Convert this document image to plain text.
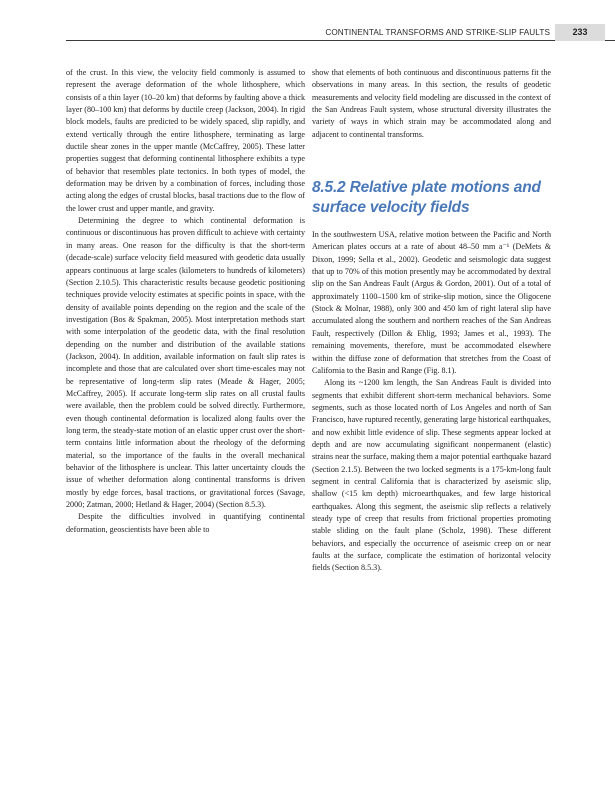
CONTINENTAL TRANSFORMS AND STRIKE-SLIP FAULTS	233

of the crust. In this view, the velocity field commonly is assumed to represent the average deformation of the whole lithosphere, which consists of a thin layer (10–20 km) that deforms by faulting above a thick layer (80–100 km) that deforms by ductile creep (Jackson, 2004). In rigid block models, faults are predicted to be widely spaced, slip rapidly, and extend vertically through the entire lithosphere, terminating as large ductile shear zones in the upper mantle (McCaffrey, 2005). These latter properties suggest that deforming continental lithosphere exhibits a type of behavior that resembles plate tectonics. In both types of model, the deformation may be driven by a combination of forces, including those acting along the edges of crustal blocks, basal tractions due to the flow of the lower crust and upper mantle, and gravity.

Determining the degree to which continental deformation is continuous or discontinuous has proven difficult to achieve with certainty in many areas. One reason for the difficulty is that the short-term (decade-scale) surface velocity field measured with geodetic data usually appears continuous at large scales (kilometers to hundreds of kilometers) (Section 2.10.5). This characteristic results because geodetic positioning techniques provide velocity estimates at specific points in space, with the density of available points depending on the region and the scale of the investigation (Bos & Spakman, 2005). Most interpretation methods start with some interpolation of the geodetic data, with the final resolution depending on the number and distribution of the available stations (Jackson, 2004). In addition, available information on fault slip rates is incomplete and those that are calculated over short time-escales may not be representative of long-term slip rates (Meade & Hager, 2005; McCaffrey, 2005). If accurate long-term slip rates on all crustal faults were available, then the problem could be solved directly. Furthermore, even though continental deformation is localized along faults over the long term, the steady-state motion of an elastic upper crust over the short-term contains little information about the rheology of the deforming material, so the importance of the faults in the overall mechanical behavior of the lithosphere is unclear. This latter uncertainty clouds the issue of whether deformation along continental transforms is driven mostly by edge forces, basal tractions, or gravitational forces (Savage, 2000; Zatman, 2000; Hetland & Hager, 2004) (Section 8.5.3).

Despite the difficulties involved in quantifying continental deformation, geoscientists have been able to

show that elements of both continuous and discontinuous patterns fit the observations in many areas. In this section, the results of geodetic measurements and velocity field modeling are discussed in the context of the San Andreas Fault system, whose structural diversity illustrates the variety of ways in which strain may be accommodated along and adjacent to continental transforms.

8.5.2 Relative plate motions and surface velocity fields

In the southwestern USA, relative motion between the Pacific and North American plates occurs at a rate of about 48–50 mm a⁻¹ (DeMets & Dixon, 1999; Sella et al., 2002). Geodetic and seismologic data suggest that up to 70% of this motion presently may be accommodated by dextral slip on the San Andreas Fault (Argus & Gordon, 2001). Out of a total of approximately 1100–1500 km of strike-slip motion, since the Oligocene (Stock & Molnar, 1988), only 300 and 450 km of right lateral slip have accumulated along the southern and northern reaches of the San Andreas Fault, respectively (Dillon & Ehlig, 1993; James et al., 1993). The remaining movements, therefore, must be accommodated elsewhere within the diffuse zone of deformation that stretches from the Coast of California to the Basin and Range (Fig. 8.1).

Along its ~1200 km length, the San Andreas Fault is divided into segments that exhibit different short-term mechanical behaviors. Some segments, such as those located north of Los Angeles and north of San Francisco, have ruptured recently, generating large historical earthquakes, and now exhibit little evidence of slip. These segments appear locked at depth and are now accumulating significant nonpermanent (elastic) strains near the surface, making them a major potential earthquake hazard (Section 2.1.5). Between the two locked segments is a 175-km-long fault segment in central California that is characterized by aseismic slip, shallow (<15 km depth) microearthquakes, and few large historical earthquakes. Along this segment, the aseismic slip reflects a relatively steady type of creep that results from frictional properties promoting stable sliding on the fault plane (Scholz, 1998). These different behaviors, and especially the occurrence of aseismic creep on or near faults at the surface, complicate the estimation of horizontal velocity fields (Section 8.5.3).
